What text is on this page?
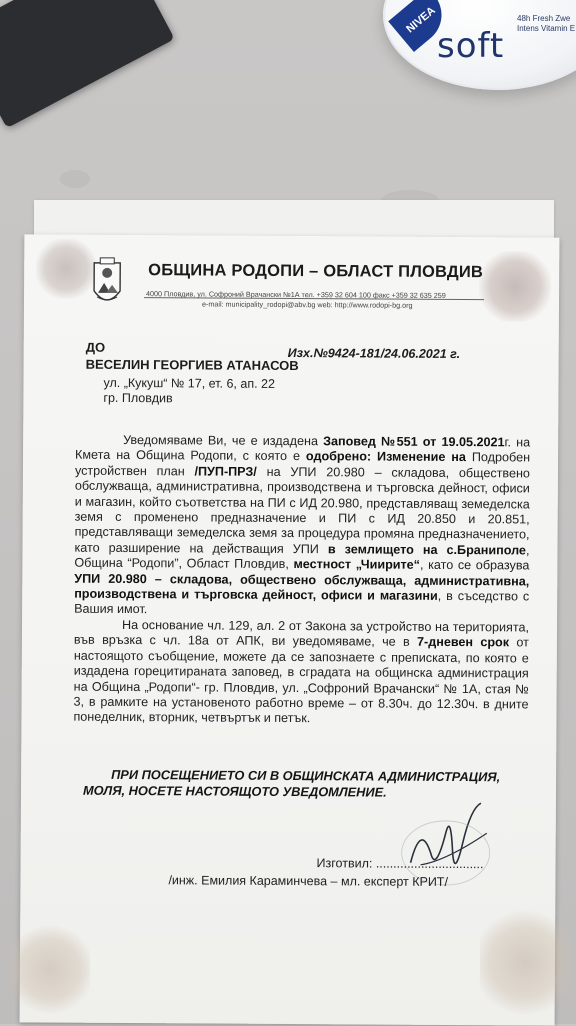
NIVEA
soft
48h Fresh Zwe Intens Vitamin E
ОБЩИНА РОДОПИ – ОБЛАСТ ПЛОВДИВ
4000 Пловдив, ул. Софроний Врачански №1А тел. +359 32 604 100 факс +359 32 635 259
e-mail: municipality_rodopi@abv.bg web: http://www.rodopi-bg.org
ДО
ВЕСЕЛИН ГЕОРГИЕВ АТАНАСОВ
ул. „Кукуш“ № 17, ет. 6, ап. 22
гр. Пловдив
Изх.№9424-181/24.06.2021 г.

Уведомяваме Ви, че е издадена Заповед №551 от 19.05.2021г. на Кмета на Община Родопи, с която е одобрено: Изменение на Подробен устройствен план /ПУП-ПРЗ/ на УПИ 20.980 – складова, обществено обслужваща, административна, производствена и търговска дейност, офиси и магазин, който съответства на ПИ с ИД 20.980, представляващ земеделска земя с променено предназначение и ПИ с ИД 20.850 и 20.851, представляващи земеделска земя за процедура промяна предназначението, като разширение на действащия УПИ в землището на с.Браниполе, Община “Родопи”, Област Пловдив, местност „Чиирите“, като се образува УПИ 20.980 – складова, обществено обслужваща, административна, производствена и търговска дейност, офиси и магазини, в съседство с Вашия имот.

На основание чл. 129, ал. 2 от Закона за устройство на територията, във връзка с чл. 18а от АПК, ви уведомяваме, че в 7-дневен срок от настоящото съобщение, можете да се запознаете с преписката, по която е издадена горецитираната заповед, в сградата на общинска администрация на Община „Родопи“- гр. Пловдив, ул. „Софроний Врачански“ № 1А, стая № 3, в рамките на установеното работно време – от 8.30ч. до 12.30ч. в дните понеделник, вторник, четвъртък и петък.

ПРИ ПОСЕЩЕНИЕТО СИ В ОБЩИНСКАТА АДМИНИСТРАЦИЯ,
МОЛЯ, НОСЕТЕ НАСТОЯЩОТО УВЕДОМЛЕНИЕ.
Изготвил: ...............................
/инж. Емилия Караминчева – мл. експерт КРИТ/
